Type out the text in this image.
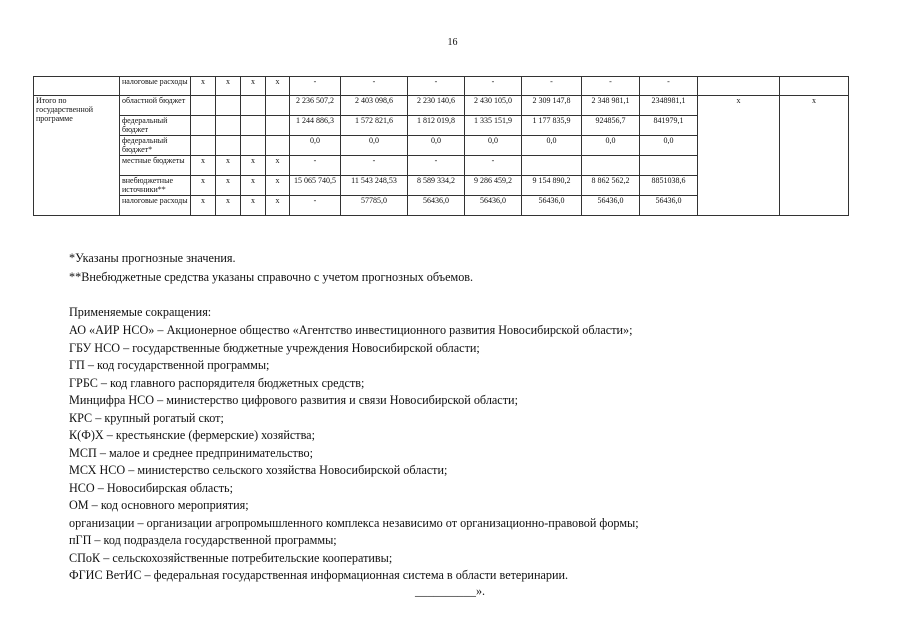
16
	налоговые расходы	x	x	x	x	-	-	-	-	-	-	-		
Итого по государственной программе	областной бюджет					2 236 507,2	2 403 098,6	2 230 140,6	2 430 105,0	2 309 147,8	2 348 981,1	2348981,1	x	x
	федеральный бюджет					1 244 886,3	1 572 821,6	1 812 019,8	1 335 151,9	1 177 835,9	924856,7	841979,1		
	федеральный бюджет*					0,0	0,0	0,0	0,0	0,0	0,0	0,0		
	местные бюджеты	x	x	x	x	-	-	-	-					
	внебюджетные источники**	x	x	x	x	15 065 740,5	11 543 248,53	8 589 334,2	9 286 459,2	9 154 890,2	8 862 562,2	8851038,6		
	налоговые расходы	x	x	x	x	-	57785,0	56436,0	56436,0	56436,0	56436,0	56436,0		
*Указаны прогнозные значения.
**Внебюджетные средства указаны справочно с учетом прогнозных объемов.
Применяемые сокращения:
АО «АИР НСО» – Акционерное общество «Агентство инвестиционного развития Новосибирской области»;
ГБУ НСО – государственные бюджетные учреждения Новосибирской области;
ГП – код государственной программы;
ГРБС – код главного распорядителя бюджетных средств;
Минцифра НСО – министерство цифрового развития и связи Новосибирской области;
КРС – крупный рогатый скот;
К(Ф)Х – крестьянские (фермерские) хозяйства;
МСП – малое и среднее предпринимательство;
МСХ НСО – министерство сельского хозяйства Новосибирской области;
НСО – Новосибирская область;
ОМ – код основного мероприятия;
организации – организации агропромышленного комплекса независимо от организационно-правовой формы;
пГП – код подраздела государственной программы;
СПоК – сельскохозяйственные потребительские кооперативы;
ФГИС ВетИС – федеральная государственная информационная система в области ветеринарии.
__________».
